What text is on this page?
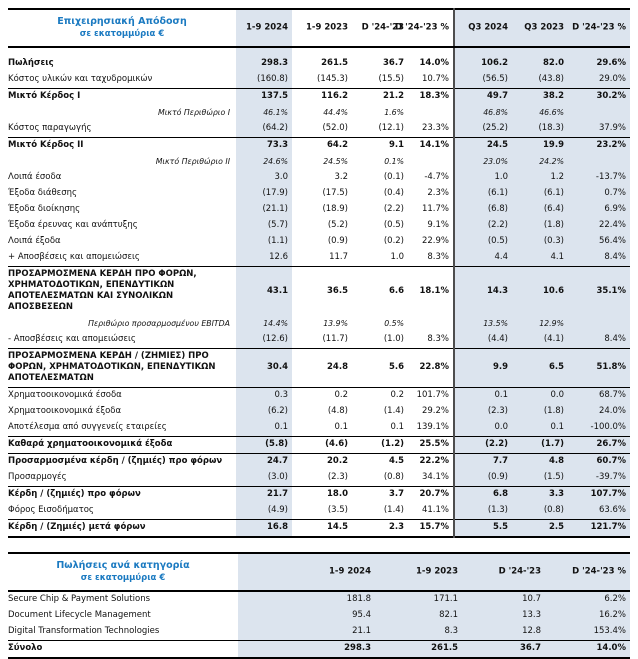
Επιχειρησιακή Απόδοση
σε εκατομμύρια €	1-9 2024	1-9 2023	D '24-'23	D '24-'23 %	Q3 2024	Q3 2023	D '24-'23 %

Πωλήσεις	298.3	261.5	36.7	14.0%	106.2	82.0	29.6%
Κόστος υλικών και ταχυδρομικών	(160.8)	(145.3)	(15.5)	10.7%	(56.5)	(43.8)	29.0%
Μικτό Κέρδος I	137.5	116.2	21.2	18.3%	49.7	38.2	30.2%
Μικτό Περιθώριο I	46.1%	44.4%	1.6%		46.8%	46.6%	
Κόστος παραγωγής	(64.2)	(52.0)	(12.1)	23.3%	(25.2)	(18.3)	37.9%
Μικτό Κέρδος II	73.3	64.2	9.1	14.1%	24.5	19.9	23.2%
Μικτό Περιθώριο II	24.6%	24.5%	0.1%		23.0%	24.2%	
Λοιπά έσοδα	3.0	3.2	(0.1)	-4.7%	1.0	1.2	-13.7%
Έξοδα διάθεσης	(17.9)	(17.5)	(0.4)	2.3%	(6.1)	(6.1)	0.7%
Έξοδα διοίκησης	(21.1)	(18.9)	(2.2)	11.7%	(6.8)	(6.4)	6.9%
Έξοδα έρευνας και ανάπτυξης	(5.7)	(5.2)	(0.5)	9.1%	(2.2)	(1.8)	22.4%
Λοιπά έξοδα	(1.1)	(0.9)	(0.2)	22.9%	(0.5)	(0.3)	56.4%
+ Αποσβέσεις και απομειώσεις	12.6	11.7	1.0	8.3%	4.4	4.1	8.4%
ΠΡΟΣΑΡΜΟΣΜΕΝΑ ΚΕΡΔΗ ΠΡΟ ΦΟΡΩΝ, ΧΡΗΜΑΤΟΔΟΤΙΚΩΝ, ΕΠΕΝΔΥΤΙΚΩΝ ΑΠΟΤΕΛΕΣΜΑΤΩΝ ΚΑΙ ΣΥΝΟΛΙΚΩΝ ΑΠΟΣΒΕΣΕΩΝ	43.1	36.5	6.6	18.1%	14.3	10.6	35.1%
Περιθώριο προσαρμοσμένου EBITDA	14.4%	13.9%	0.5%		13.5%	12.9%	
- Αποσβέσεις και απομειώσεις	(12.6)	(11.7)	(1.0)	8.3%	(4.4)	(4.1)	8.4%
ΠΡΟΣΑΡΜΟΣΜΕΝΑ ΚΕΡΔΗ / (ΖΗΜΙΕΣ) ΠΡΟ ΦΟΡΩΝ, ΧΡΗΜΑΤΟΔΟΤΙΚΩΝ, ΕΠΕΝΔΥΤΙΚΩΝ ΑΠΟΤΕΛΕΣΜΑΤΩΝ	30.4	24.8	5.6	22.8%	9.9	6.5	51.8%
Χρηματοοικονομικά έσοδα	0.3	0.2	0.2	101.7%	0.1	0.0	68.7%
Χρηματοοικονομικά έξοδα	(6.2)	(4.8)	(1.4)	29.2%	(2.3)	(1.8)	24.0%
Αποτέλεσμα από συγγενείς εταιρείες	0.1	0.1	0.1	139.1%	0.0	0.1	-100.0%
Καθαρά χρηματοοικονομικά έξοδα	(5.8)	(4.6)	(1.2)	25.5%	(2.2)	(1.7)	26.7%
Προσαρμοσμένα κέρδη / (ζημιές) προ φόρων	24.7	20.2	4.5	22.2%	7.7	4.8	60.7%
Προσαρμογές	(3.0)	(2.3)	(0.8)	34.1%	(0.9)	(1.5)	-39.7%
Κέρδη / (ζημιές) προ φόρων	21.7	18.0	3.7	20.7%	6.8	3.3	107.7%
Φόρος Εισοδήματος	(4.9)	(3.5)	(1.4)	41.1%	(1.3)	(0.8)	63.6%
Κέρδη / (Ζημιές) μετά φόρων	16.8	14.5	2.3	15.7%	5.5	2.5	121.7%
Πωλήσεις ανά κατηγορία
σε εκατομμύρια €	1-9 2024	1-9 2023	D '24-'23	D '24-'23 %

Secure Chip & Payment Solutions	181.8	171.1	10.7	6.2%
Document Lifecycle Management	95.4	82.1	13.3	16.2%
Digital Transformation Technologies	21.1	8.3	12.8	153.4%
Σύνολο	298.3	261.5	36.7	14.0%
